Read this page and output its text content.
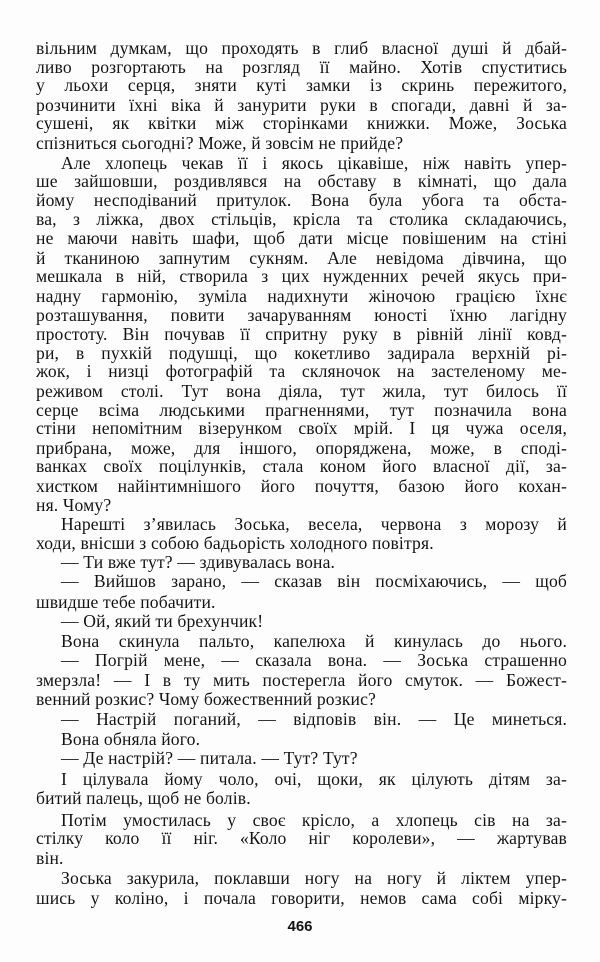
вільним думкам, що проходять в глиб власної душі й дбай-
ливо розгортають на розгляд її майно. Хотів спуститись
у льохи серця, зняти куті замки із скринь пережитого,
розчинити їхні віка й занурити руки в спогади, давні й за-
сушені, як квітки між сторінками книжки. Може, Зоська
спізниться сьогодні? Може, й зовсім не прийде?
Але хлопець чекав її і якось цікавіше, ніж навіть упер-
ше зайшовши, роздивлявся на обставу в кімнаті, що дала
йому несподіваний притулок. Вона була убога та обста-
ва, з ліжка, двох стільців, крісла та столика складаючись,
не маючи навіть шафи, щоб дати місце повішеним на стіні
й тканиною запнутим сукням. Але невідома дівчина, що
мешкала в ній, створила з цих нужденних речей якусь при-
надну гармонію, зуміла надихнути жіночою грацією їхнє
розташування, повити зачаруванням юності їхню лагідну
простоту. Він почував її спритну руку в рівній лінії ковд-
ри, в пухкій подушці, що кокетливо задирала верхній рі-
жок, і низці фотографій та скляночок на застеленому ме-
реживом столі. Тут вона діяла, тут жила, тут билось її
серце всіма людськими прагненнями, тут позначила вона
стіни непомітним візерунком своїх мрій. І ця чужа оселя,
прибрана, може, для іншого, опоряджена, може, в сподi-
ванках своїх поцілунків, стала коном його власної дії, за-
хистком найінтимнішого його почуття, базою його кохан-
ня. Чому?
Нарешті з’явилась Зоська, весела, червона з морозу й
ходи, внісши з собою бадьорість холодного повітря.
— Ти вже тут? — здивувалась вона.
— Вийшов зарано, — сказав він посміхаючись, — щоб
швидше тебе побачити.
— Ой, який ти брехунчик!
Вона скинула пальто, капелюха й кинулась до нього.
— Погрій мене, — сказала вона. — Зоська страшенно
змерзла! — І в ту мить постерегла його смуток. — Божест-
венний розкис? Чому божественний розкис?
— Настрій поганий, — відповів він. — Це минеться.
Вона обняла його.
— Де настрій? — питала. — Тут? Тут?
І цілувала йому чоло, очі, щоки, як цілують дітям за-
битий палець, щоб не болів.
Потім умостилась у своє крісло, а хлопець сів на за-
стілку коло її ніг. «Коло ніг королеви», — жартував
він.
Зоська закурила, поклавши ногу на ногу й ліктем упер-
шись у коліно, і почала говорити, немов сама собі мірку-
466
